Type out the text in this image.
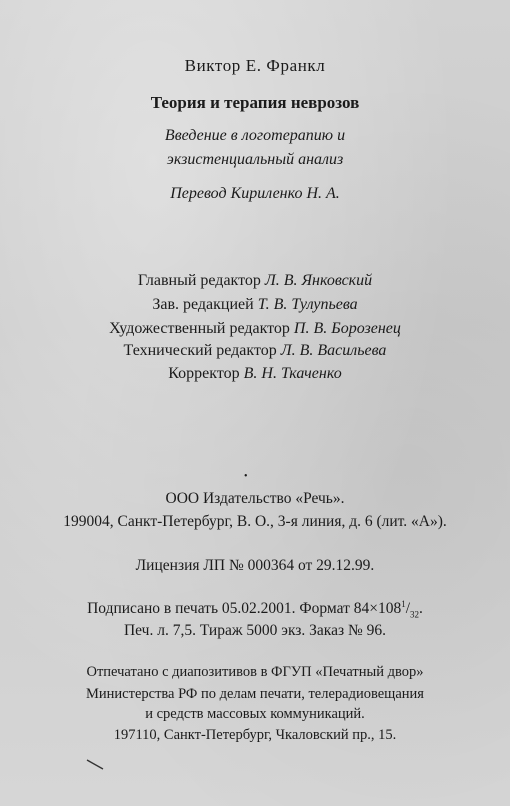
Виктор Е. Франкл
Теория и терапия неврозов
Введение в логотерапию и
экзистенциальный анализ
Перевод Кириленко Н. А.
Главный редактор Л. В. Янковский
Зав. редакцией Т. В. Тулупьева
Художественный редактор П. В. Борозенец
Технический редактор Л. В. Васильева
Корректор В. Н. Ткаченко
•
ООО Издательство «Речь».
199004, Санкт-Петербург, В. О., 3-я линия, д. 6 (лит. «А»).
Лицензия ЛП № 000364 от 29.12.99.
Подписано в печать 05.02.2001. Формат $84\times 108^1/_{32}$.
Печ. л. 7,5. Тираж 5000 экз. Заказ № 96.
Отпечатано с диапозитивов в ФГУП «Печатный двор»
Министерства РФ по делам печати, телерадиовещания
и средств массовых коммуникаций.
197110, Санкт-Петербург, Чкаловский пр., 15.
